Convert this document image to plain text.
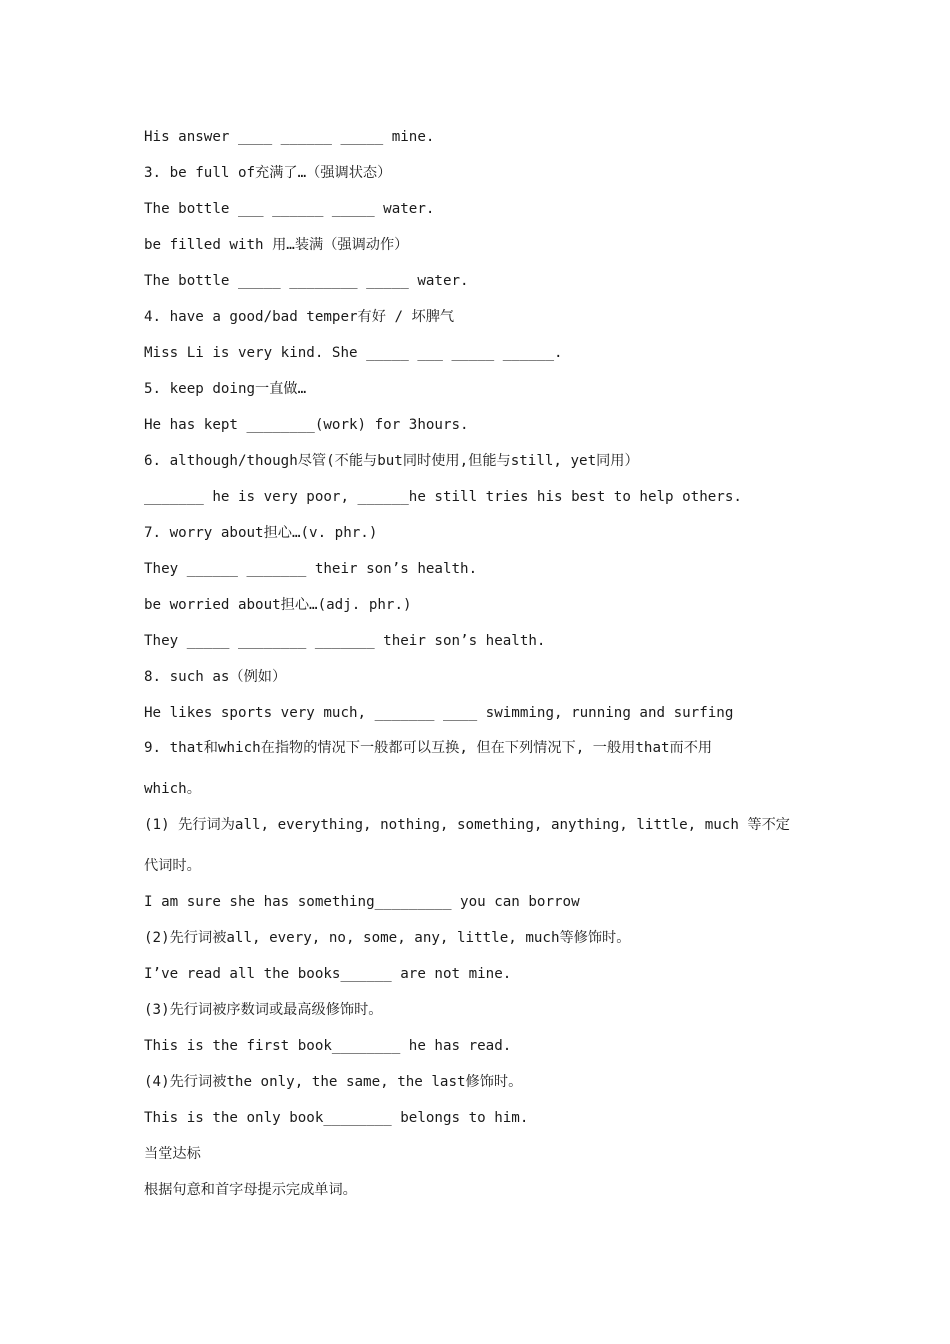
His answer ____ ______ _____ mine.
3. be full of充满了…（强调状态）
The bottle ___ ______ _____ water.
be filled with 用…装满（强调动作）
The bottle _____ ________ _____ water.
4. have a good/bad temper有好 / 坏脾气
Miss Li is very kind. She _____ ___ _____ ______.
5. keep doing一直做…
He has kept ________(work) for 3hours.
6. although/though尽管(不能与but同时使用,但能与still, yet同用）
_______ he is very poor, ______he still tries his best to help others.
7. worry about担心…(v. phr.)
They ______ _______ their son’s health.
be worried about担心…(adj. phr.)
They _____ ________ _______ their son’s health.
8. such as（例如）
He likes sports very much, _______ ____ swimming, running and surfing
9. that和which在指物的情况下一般都可以互换, 但在下列情况下, 一般用that而不用
which。
(1) 先行词为all, everything, nothing, something, anything, little, much 等不定
代词时。
I am sure she has something_________ you can borrow
(2)先行词被all, every, no, some, any, little, much等修饰时。
I’ve read all the books______ are not mine.
(3)先行词被序数词或最高级修饰时。
This is the first book________ he has read.
(4)先行词被the only, the same, the last修饰时。
This is the only book________ belongs to him.
当堂达标
根据句意和首字母提示完成单词。
